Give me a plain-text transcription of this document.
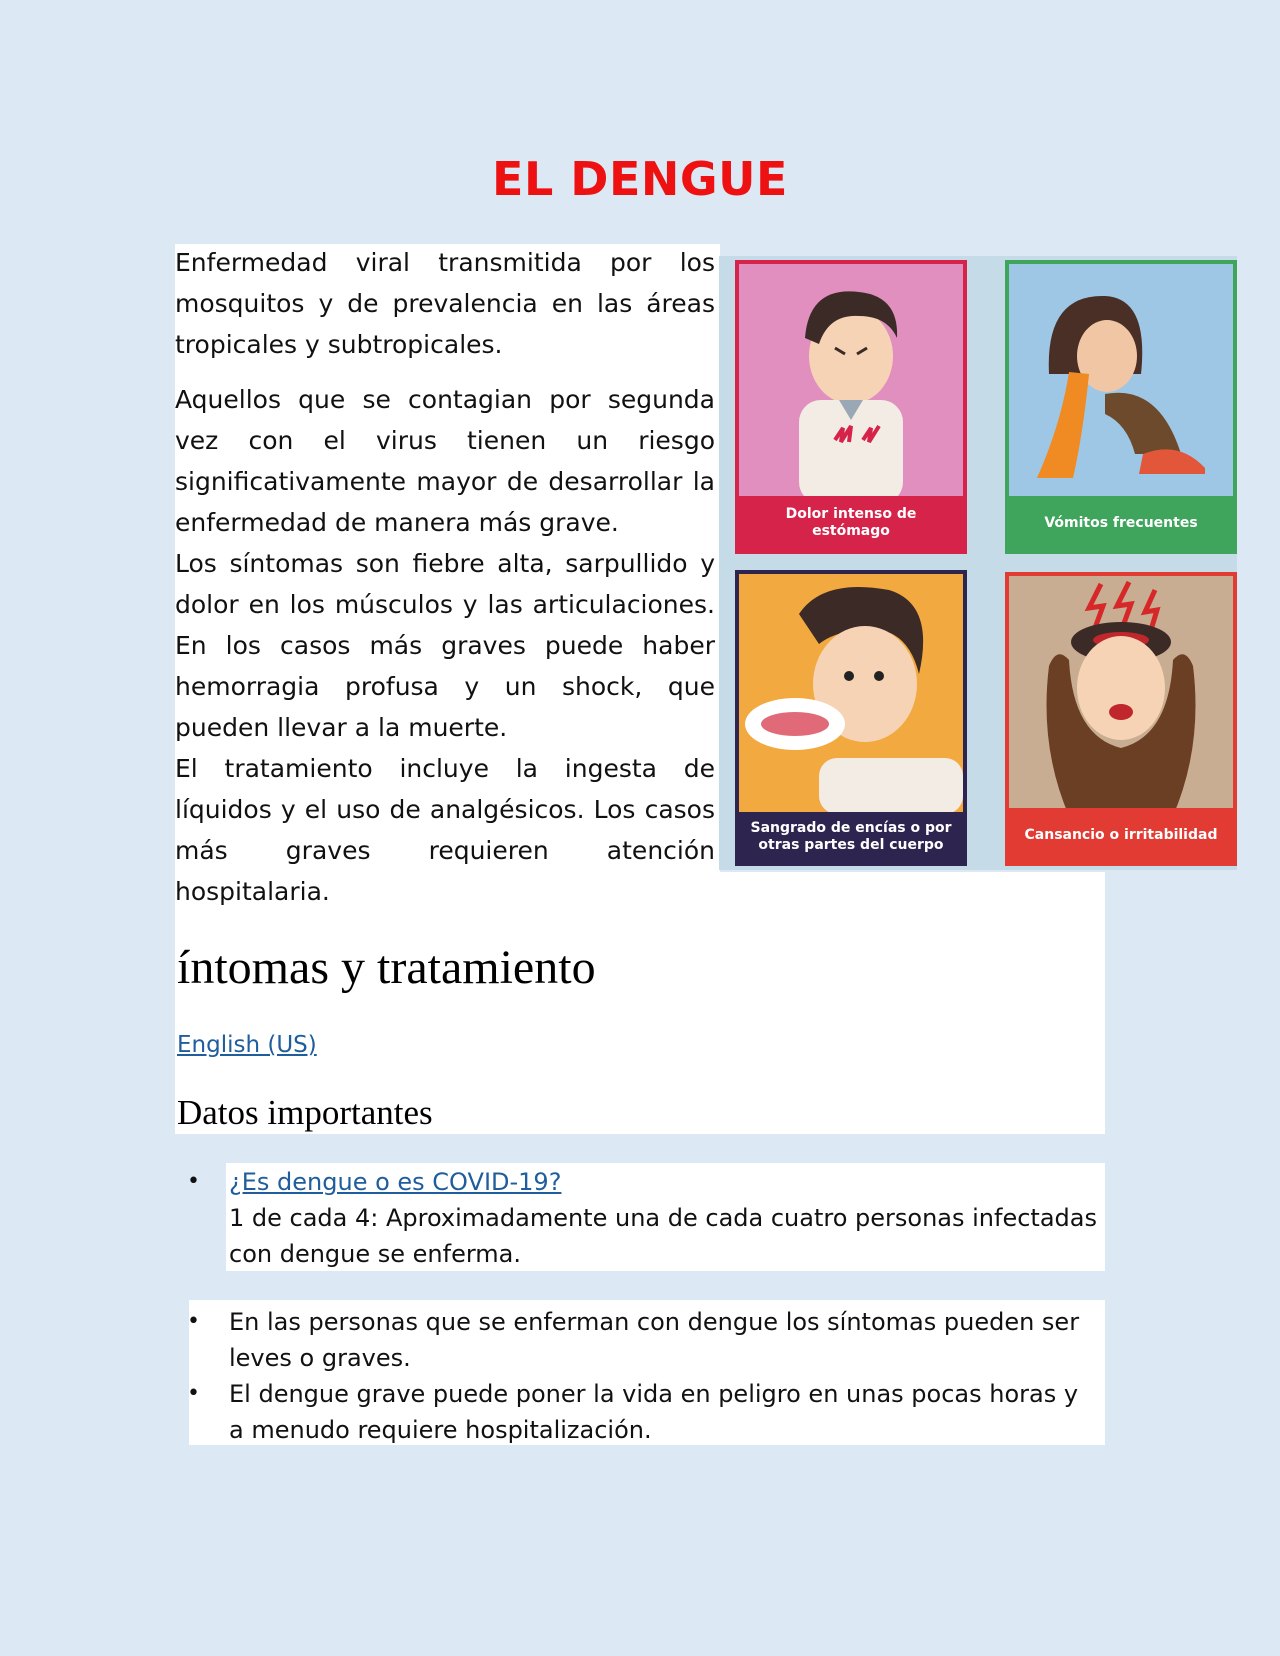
EL DENGUE

Enfermedad viral transmitida por los mosquitos y de prevalencia en las áreas tropicales y subtropicales.

Aquellos que se contagian por segunda vez con el virus tienen un riesgo significativamente mayor de desarrollar la enfermedad de manera más grave.

Los síntomas son fiebre alta, sarpullido y dolor en los músculos y las articulaciones. En los casos más graves puede haber hemorragia profusa y un shock, que pueden llevar a la muerte.

El tratamiento incluye la ingesta de líquidos y el uso de analgésicos. Los casos más graves requieren atención hospitalaria.

Dolor intenso de estómago
Vómitos frecuentes
Sangrado de encías o por otras partes del cuerpo
Cansancio o irritabilidad
íntomas y tratamiento
English (US)
Datos importantes
• ¿Es dengue o es COVID-19?
1 de cada 4: Aproximadamente una de cada cuatro personas infectadas con dengue se enferma.
• En las personas que se enferman con dengue los síntomas pueden ser leves o graves.
• El dengue grave puede poner la vida en peligro en unas pocas horas y a menudo requiere hospitalización.
